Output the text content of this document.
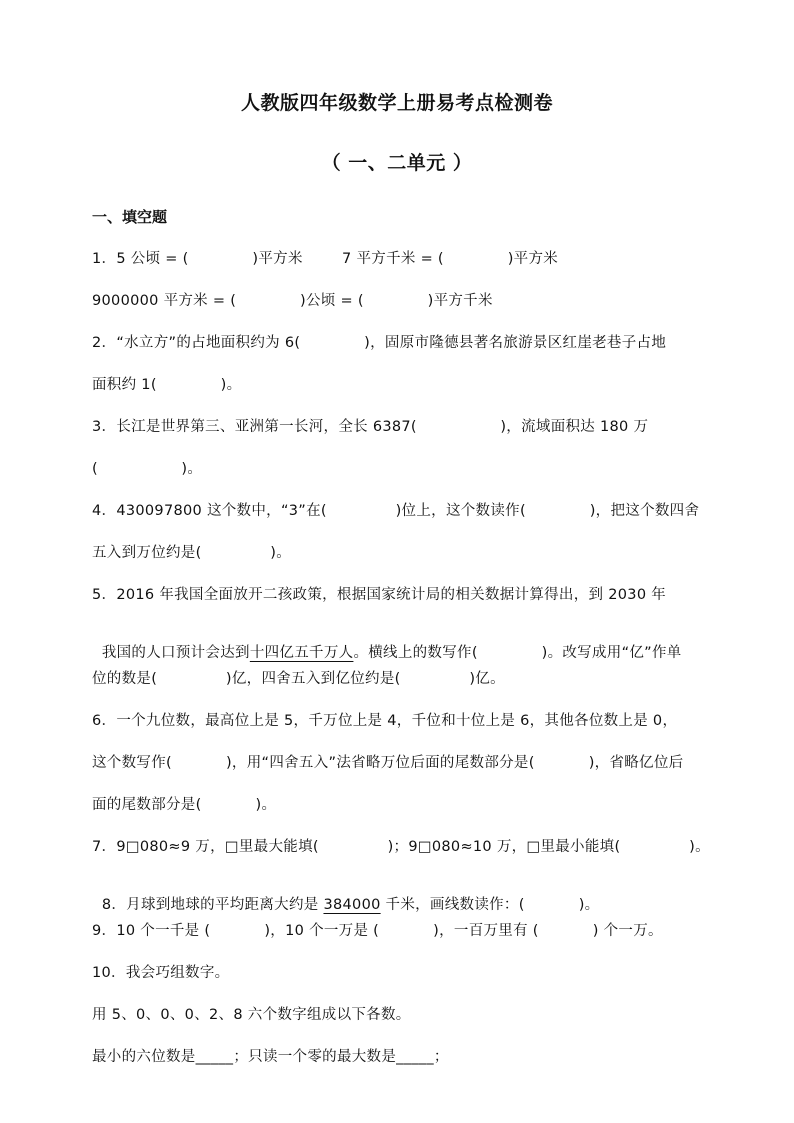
人教版四年级数学上册易考点检测卷
（ 一、二单元 ）
一、填空题
1．5 公顷 = (             )平方米        7 平方千米 = (             )平方米
9000000 平方米 = (             )公顷 = (             )平方千米
2．“水立方”的占地面积约为 6(             )，固原市隆德县著名旅游景区红崖老巷子占地
面积约 1(             )。
3．长江是世界第三、亚洲第一长河，全长 6387(                 )，流域面积达 180 万
(                 )。
4．430097800 这个数中，“3”在(              )位上，这个数读作(             )，把这个数四舍
五入到万位约是(              )。
5．2016 年我国全面放开二孩政策，根据国家统计局的相关数据计算得出，到 2030 年

我国的人口预计会达到十四亿五千万人。横线上的数写作(             )。改写成用“亿”作单

位的数是(              )亿，四舍五入到亿位约是(              )亿。
6．一个九位数，最高位上是 5，千万位上是 4，千位和十位上是 6，其他各位数上是 0，
这个数写作(           )，用“四舍五入”法省略万位后面的尾数部分是(           )，省略亿位后
面的尾数部分是(           )。
7．9□080≈9 万，□里最大能填(              )；9□080≈10 万，□里最小能填(              )。

8．月球到地球的平均距离大约是 384000 千米，画线数读作：(           )。

9．10 个一千是 (           )，10 个一万是 (           )，一百万里有 (           ) 个一万。
10．我会巧组数字。
用 5、0、0、0、2、8 六个数字组成以下各数。
最小的六位数是_____；只读一个零的最大数是_____；
